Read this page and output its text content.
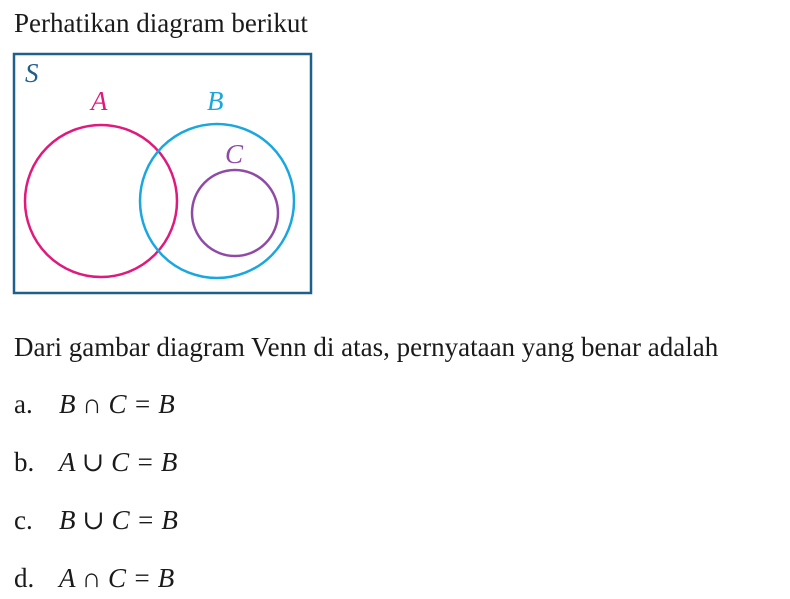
Perhatikan diagram berikut
S
A	B
C
Dari gambar diagram Venn di atas, pernyataan yang benar adalah
a. B ∩ C = B
b. A ∪ C = B
c. B ∪ C = B
d. A ∩ C = B
